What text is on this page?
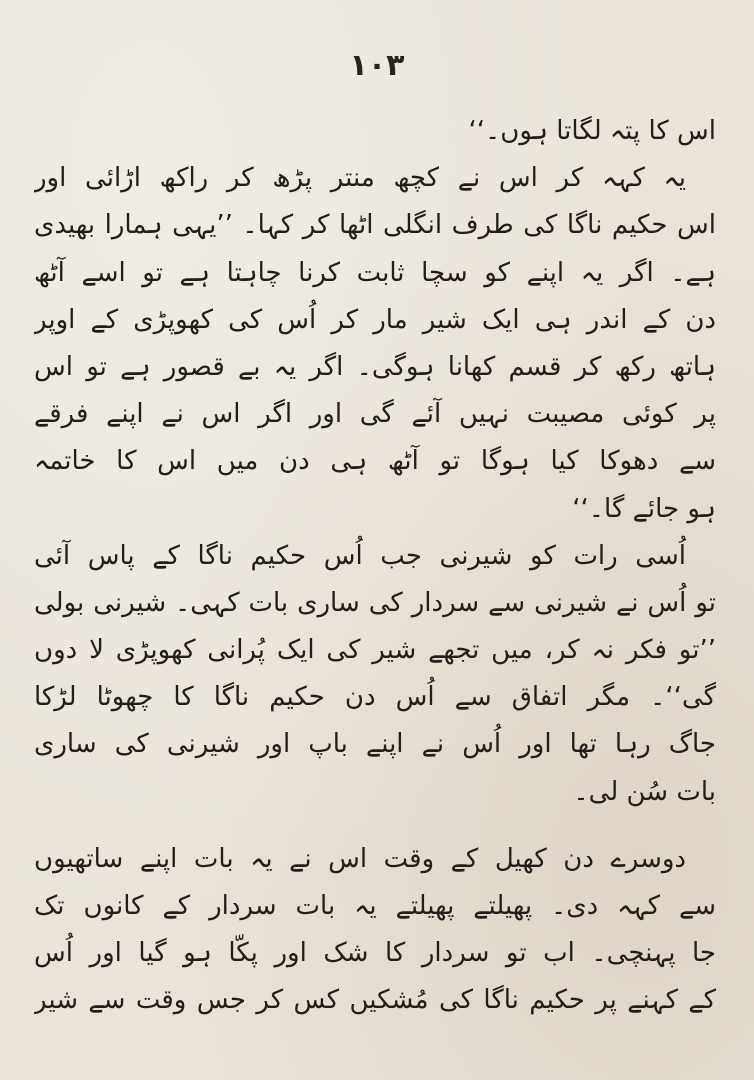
۱۰۳
اس کا پتہ لگاتا ہوں۔‘‘
یہ کہہ کر اس نے کچھ منتر پڑھ کر راکھ اڑائی اور
اس حکیم ناگا کی طرف انگلی اٹھا کر کہا۔ ’’یہی ہمارا بھیدی
ہے۔ اگر یہ اپنے کو سچا ثابت کرنا چاہتا ہے تو اسے آٹھ
دن کے اندر ہی ایک شیر مار کر اُس کی کھوپڑی کے اوپر
ہاتھ رکھ کر قسم کھانا ہوگی۔ اگر یہ بے قصور ہے تو اس
پر کوئی مصیبت نہیں آئے گی اور اگر اس نے اپنے فرقے
سے دھوکا کیا ہوگا تو آٹھ ہی دن میں اس کا خاتمہ
ہو جائے گا۔‘‘
اُسی رات کو شیرنی جب اُس حکیم ناگا کے پاس آئی
تو اُس نے شیرنی سے سردار کی ساری بات کہی۔ شیرنی بولی
’’تو فکر نہ کر، میں تجھے شیر کی ایک پُرانی کھوپڑی لا دوں
گی‘‘۔ مگر اتفاق سے اُس دن حکیم ناگا کا چھوٹا لڑکا
جاگ رہا تھا اور اُس نے اپنے باپ اور شیرنی کی ساری
بات سُن لی۔
دوسرے دن کھیل کے وقت اس نے یہ بات اپنے ساتھیوں
سے کہہ دی۔ پھیلتے پھیلتے یہ بات سردار کے کانوں تک
جا پہنچی۔ اب تو سردار کا شک اور پکّا ہو گیا اور اُس
کے کہنے پر حکیم ناگا کی مُشکیں کس کر جس وقت سے شیر
